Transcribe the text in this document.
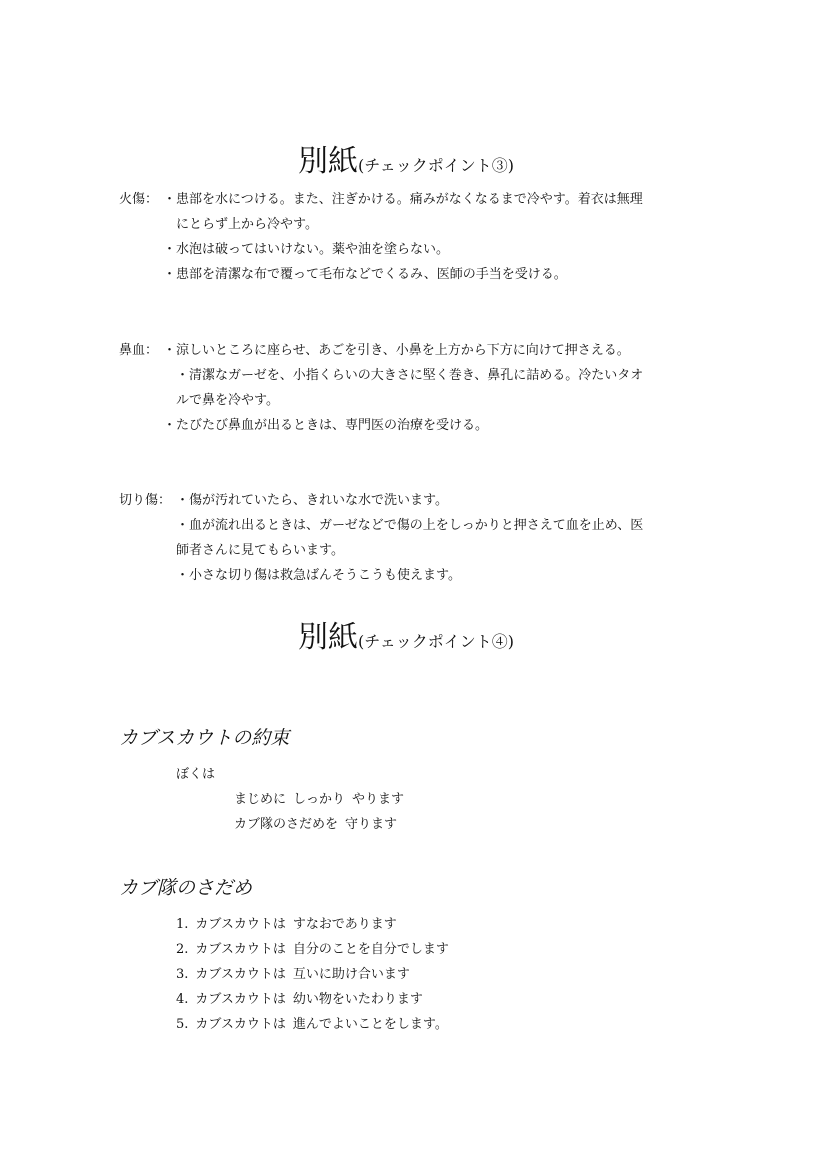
別紙(チェックポイント③)
火傷： ・患部を水につける。また、注ぎかける。痛みがなくなるまで冷やす。着衣は無理
にとらず上から冷やす。
・水泡は破ってはいけない。薬や油を塗らない。
・患部を清潔な布で覆って毛布などでくるみ、医師の手当を受ける。
鼻血： ・涼しいところに座らせ、あごを引き、小鼻を上方から下方に向けて押さえる。
・清潔なガーゼを、小指くらいの大きさに堅く巻き、鼻孔に詰める。冷たいタオ
ルで鼻を冷やす。
・たびたび鼻血が出るときは、専門医の治療を受ける。
切り傷： ・傷が汚れていたら、きれいな水で洗います。
・血が流れ出るときは、ガーゼなどで傷の上をしっかりと押さえて血を止め、医
師者さんに見てもらいます。
・小さな切り傷は救急ばんそうこうも使えます。
別紙(チェックポイント④)
カブスカウトの約束
ぼくは
まじめに しっかり やります
カブ隊のさだめを 守ります
カブ隊のさだめ
1. カブスカウトは すなおであります
2. カブスカウトは 自分のことを自分でします
3. カブスカウトは 互いに助け合います
4. カブスカウトは 幼い物をいたわります
5. カブスカウトは 進んでよいことをします。
